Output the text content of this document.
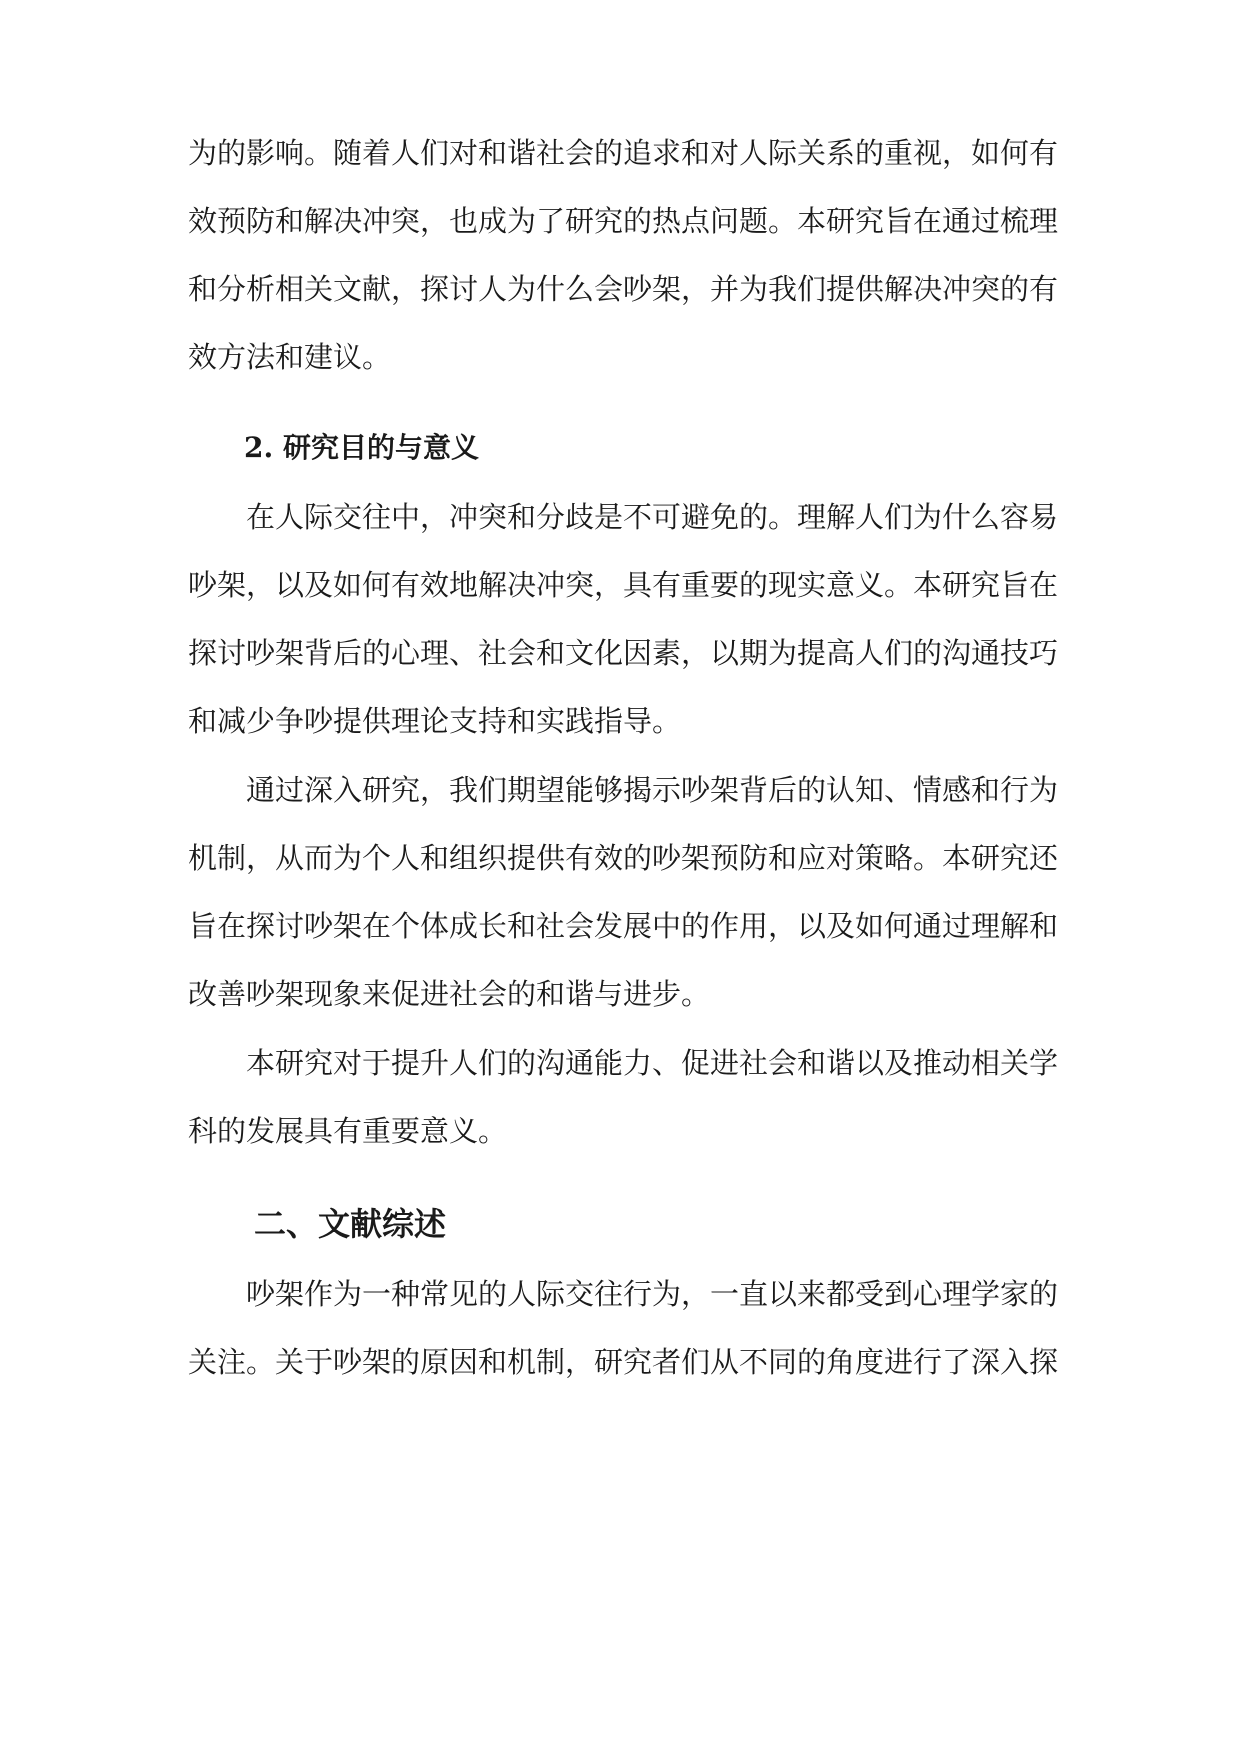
为的影响。随着人们对和谐社会的追求和对人际关系的重视，如何有
效预防和解决冲突，也成为了研究的热点问题。本研究旨在通过梳理
和分析相关文献，探讨人为什么会吵架，并为我们提供解决冲突的有
效方法和建议。
2. 研究目的与意义
在人际交往中，冲突和分歧是不可避免的。理解人们为什么容易
吵架，以及如何有效地解决冲突，具有重要的现实意义。本研究旨在
探讨吵架背后的心理、社会和文化因素，以期为提高人们的沟通技巧
和减少争吵提供理论支持和实践指导。
通过深入研究，我们期望能够揭示吵架背后的认知、情感和行为
机制，从而为个人和组织提供有效的吵架预防和应对策略。本研究还
旨在探讨吵架在个体成长和社会发展中的作用，以及如何通过理解和
改善吵架现象来促进社会的和谐与进步。
本研究对于提升人们的沟通能力、促进社会和谐以及推动相关学
科的发展具有重要意义。
二、文献综述
吵架作为一种常见的人际交往行为，一直以来都受到心理学家的
关注。关于吵架的原因和机制，研究者们从不同的角度进行了深入探
